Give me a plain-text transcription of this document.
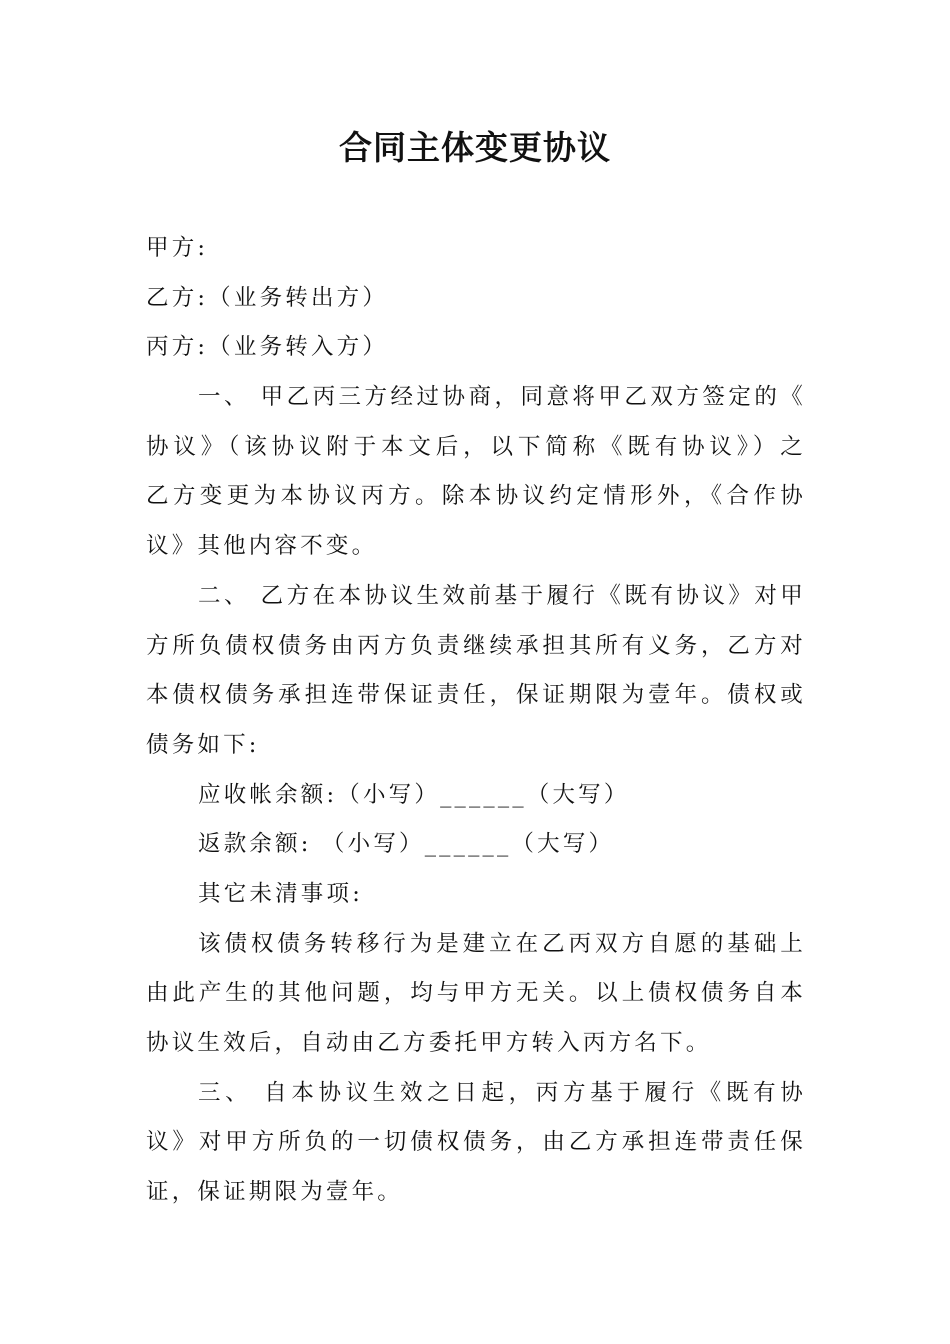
合同主体变更协议
甲方:
乙方:（业务转出方）
丙方:（业务转入方）
一、 甲乙丙三方经过协商，同意将甲乙双方签定的《
协议》（该协议附于本文后，以下简称《既有协议》）之
乙方变更为本协议丙方。除本协议约定情形外，《合作协
议》其他内容不变。
二、 乙方在本协议生效前基于履行《既有协议》对甲
方所负债权债务由丙方负责继续承担其所有义务，乙方对
本债权债务承担连带保证责任，保证期限为壹年。债权或
债务如下:
应收帐余额:（小写）______（大写）
返款余额: （小写）______（大写）
其它未清事项:
该债权债务转移行为是建立在乙丙双方自愿的基础上
由此产生的其他问题，均与甲方无关。以上债权债务自本
协议生效后，自动由乙方委托甲方转入丙方名下。
三、 自本协议生效之日起，丙方基于履行《既有协
议》对甲方所负的一切债权债务，由乙方承担连带责任保
证，保证期限为壹年。
